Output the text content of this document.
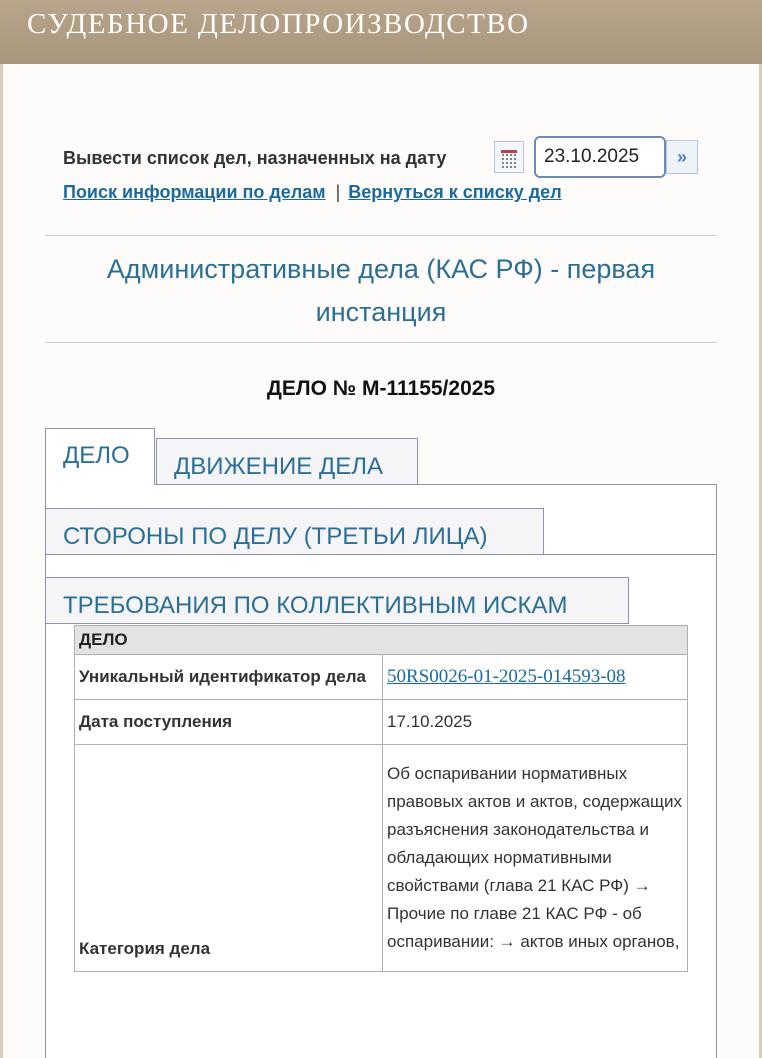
СУДЕБНОЕ ДЕЛОПРОИЗВОДСТВО
Вывести список дел, назначенных на дату
23.10.2025	»
Поиск информации по делам | Вернуться к списку дел
Административные дела (КАС РФ) - первая инстанция
ДЕЛО № М-11155/2025
ДЕЛО	ДВИЖЕНИЕ ДЕЛА
СТОРОНЫ ПО ДЕЛУ (ТРЕТЬИ ЛИЦА)
ТРЕБОВАНИЯ ПО КОЛЛЕКТИВНЫМ ИСКАМ
ДЕЛО	
Уникальный идентификатор дела	50RS0026-01-2025-014593-08
Дата поступления	17.10.2025
Категория дела	Об оспаривании нормативных правовых актов и актов, содержащих разъяснения законодательства и обладающих нормативными свойствами (глава 21 КАС РФ) → Прочие по главе 21 КАС РФ - об оспаривании: → актов иных органов,
